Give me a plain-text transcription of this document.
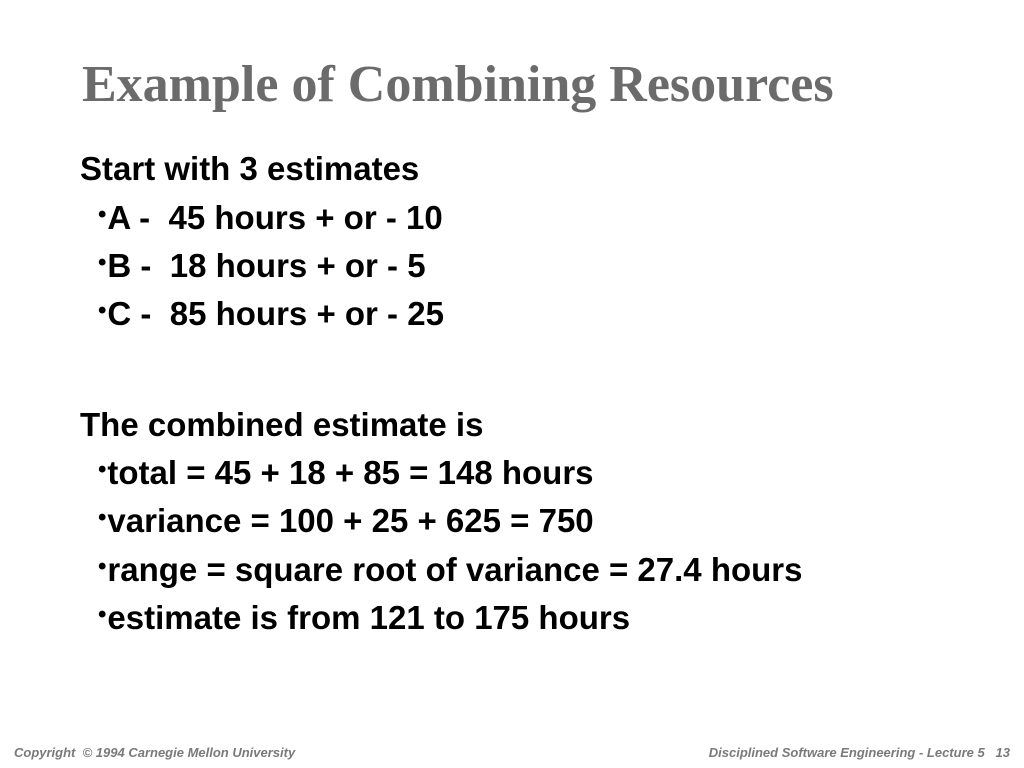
Example of Combining Resources
Start with 3 estimates
•A -  45 hours + or - 10
•B -  18 hours + or - 5
•C -  85 hours + or - 25
The combined estimate is
•total = 45 + 18 + 85 = 148 hours
•variance = 100 + 25 + 625 = 750
•range = square root of variance = 27.4 hours
•estimate is from 121 to 175 hours
Copyright  © 1994 Carnegie Mellon University	Disciplined Software Engineering - Lecture 5   13
